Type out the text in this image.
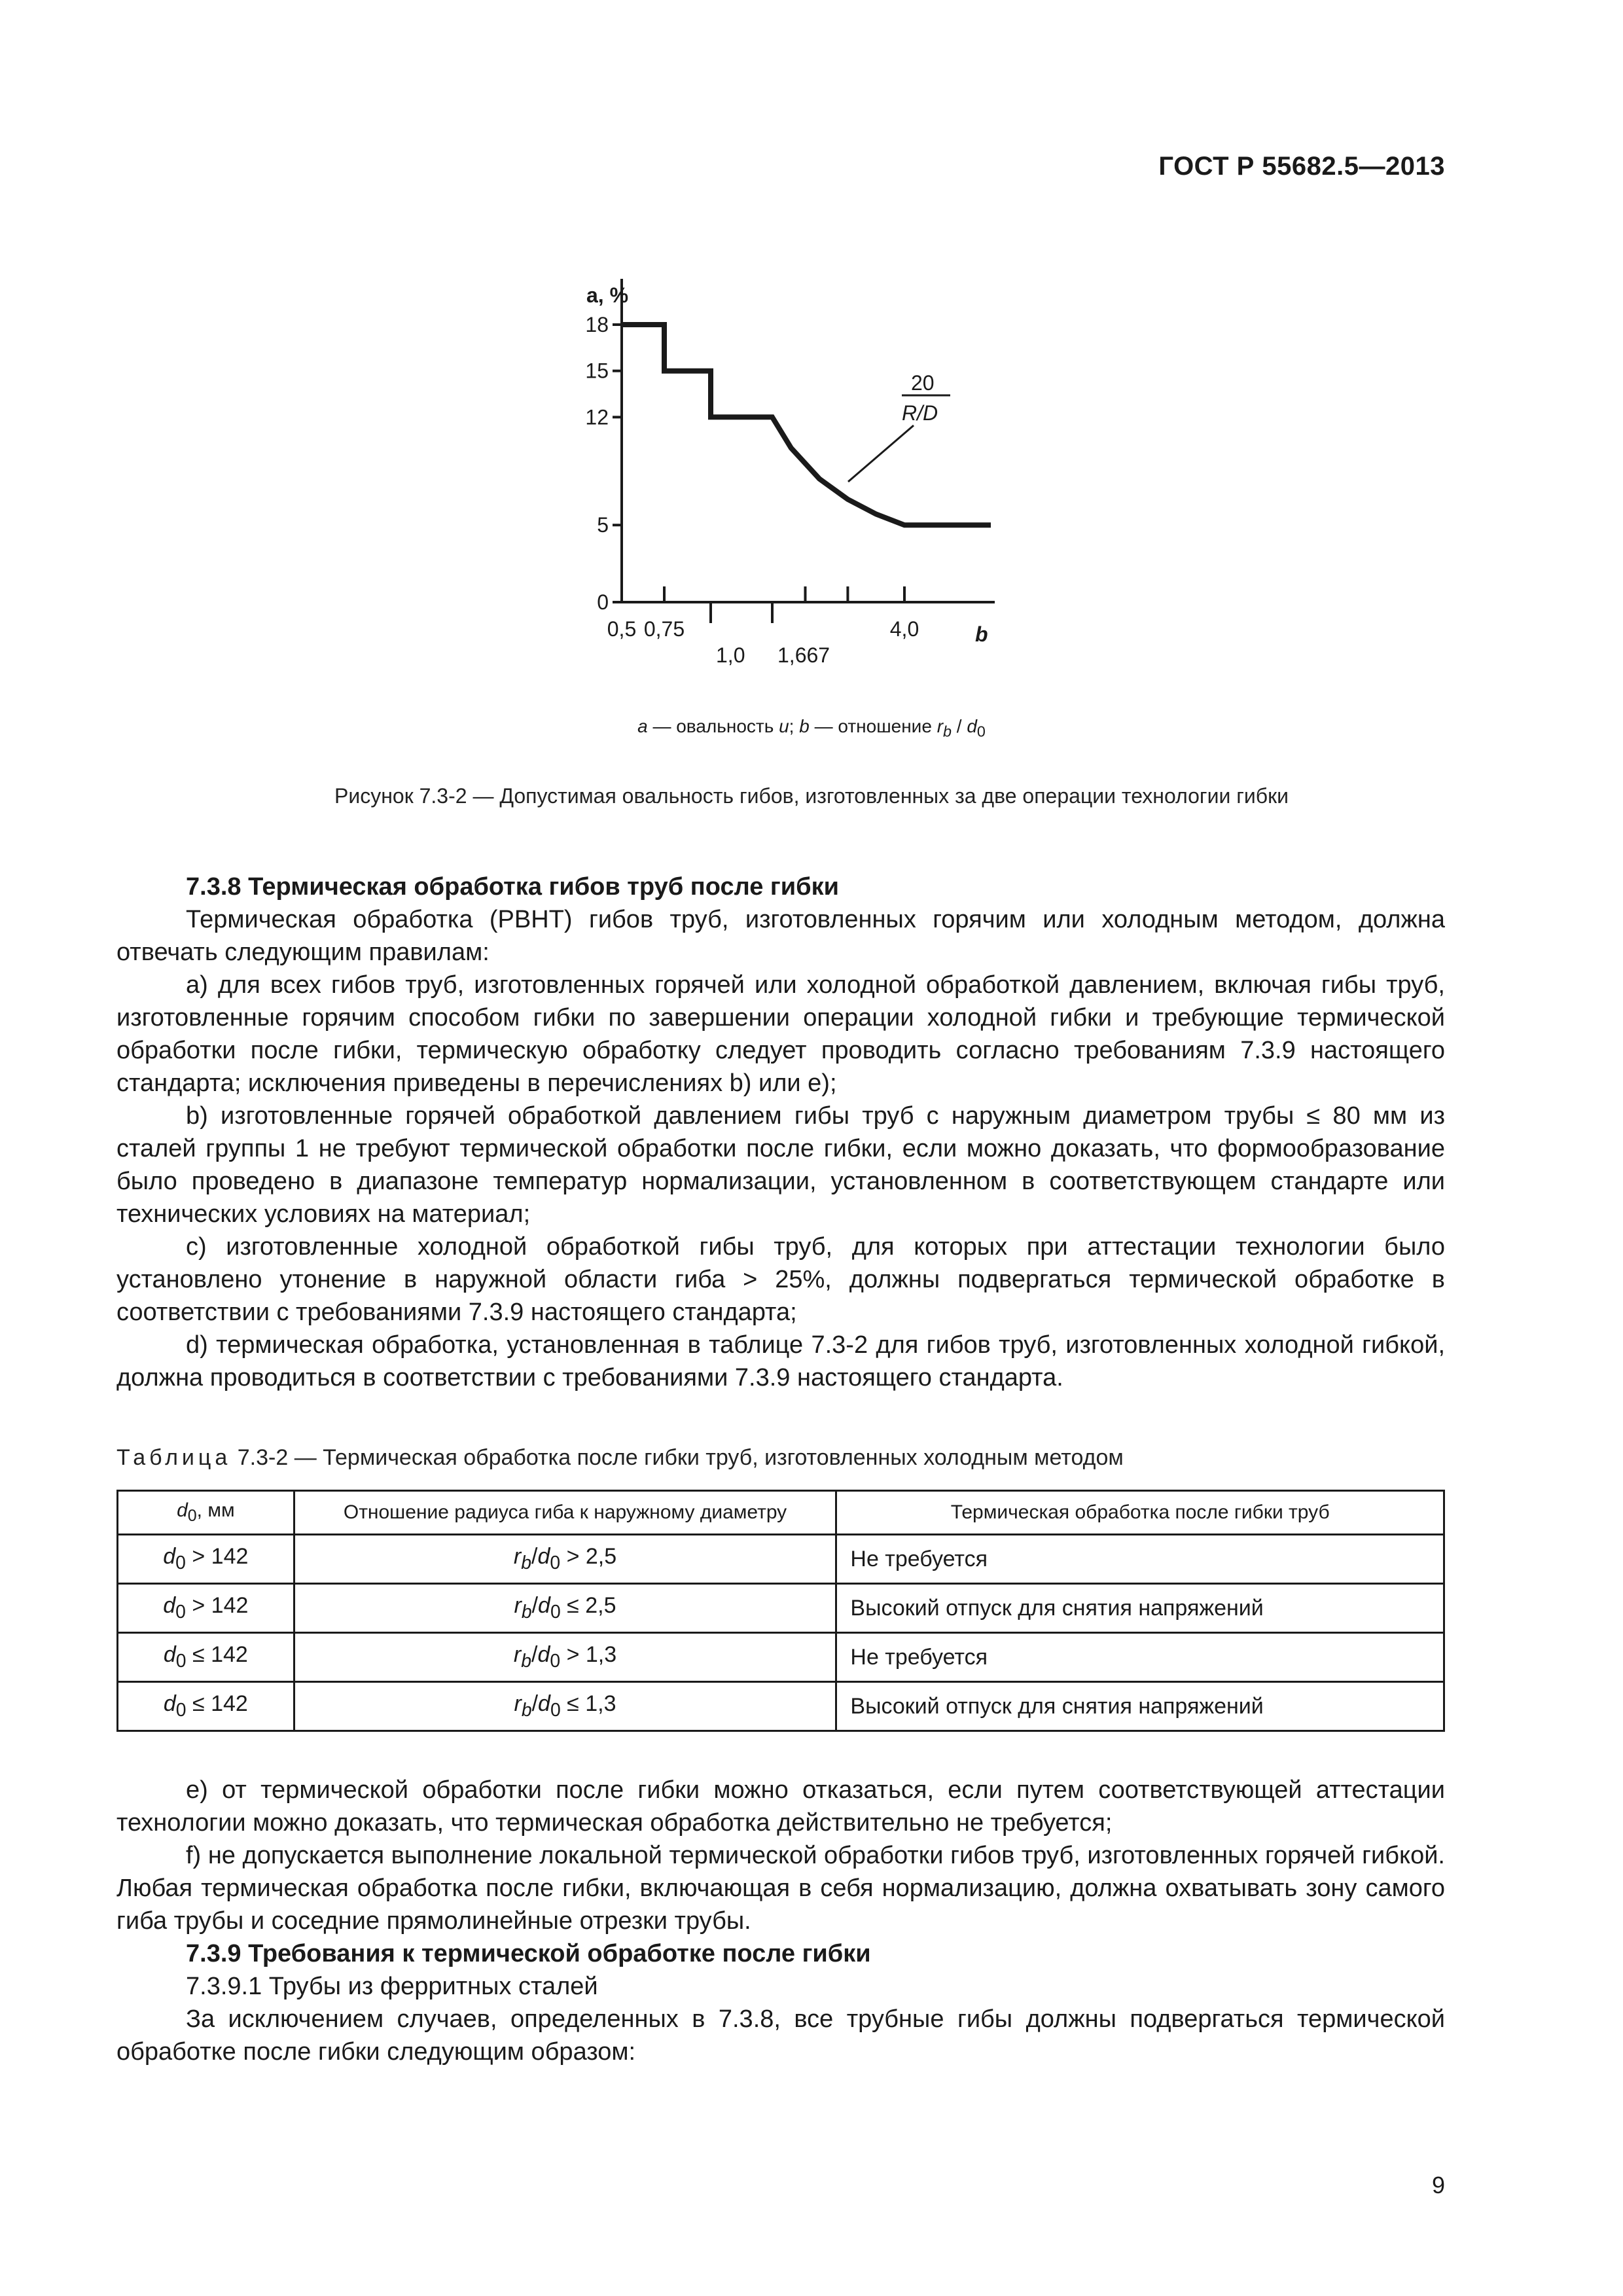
ГОСТ Р 55682.5—2013
a, %
b
0
5
12
15
18
0,5 0,75
1,0 1,667
4,0
20
R/D
a — овальность u; b — отношение $r_b / d_0$
Рисунок 7.3-2 — Допустимая овальность гибов, изготовленных за две операции технологии гибки

7.3.8 Термическая обработка гибов труб после гибки

Термическая обработка (PBHT) гибов труб, изготовленных горячим или холодным методом, должна отвечать следующим правилам:

a) для всех гибов труб, изготовленных горячей или холодной обработкой давлением, включая гибы труб, изготовленные горячим способом гибки по завершении операции холодной гибки и требующие термической обработки после гибки, термическую обработку следует проводить согласно требованиям 7.3.9 настоящего стандарта; исключения приведены в перечислениях b) или e);

b) изготовленные горячей обработкой давлением гибы труб с наружным диаметром трубы ≤ 80 мм из сталей группы 1 не требуют термической обработки после гибки, если можно доказать, что формообразование было проведено в диапазоне температур нормализации, установленном в соответствующем стандарте или технических условиях на материал;

c) изготовленные холодной обработкой гибы труб, для которых при аттестации технологии было установлено утонение в наружной области гиба > 25%, должны подвергаться термической обработке в соответствии с требованиями 7.3.9 настоящего стандарта;

d) термическая обработка, установленная в таблице 7.3-2 для гибов труб, изготовленных холодной гибкой, должна проводиться в соответствии с требованиями 7.3.9 настоящего стандарта.

Таблица 7.3-2 — Термическая обработка после гибки труб, изготовленных холодным методом
$d_0$, мм	Отношение радиуса гиба к наружному диаметру	Термическая обработка после гибки труб
$d_0 > 142$	$r_b/d_0 > 2,5$	Не требуется
$d_0 > 142$	$r_b/d_0 \le 2,5$	Высокий отпуск для снятия напряжений
$d_0 \le 142$	$r_b/d_0 > 1,3$	Не требуется
$d_0 \le 142$	$r_b/d_0 \le 1,3$	Высокий отпуск для снятия напряжений

e) от термической обработки после гибки можно отказаться, если путем соответствующей аттестации технологии можно доказать, что термическая обработка действительно не требуется;

f) не допускается выполнение локальной термической обработки гибов труб, изготовленных горячей гибкой. Любая термическая обработка после гибки, включающая в себя нормализацию, должна охватывать зону самого гиба трубы и соседние прямолинейные отрезки трубы.

7.3.9 Требования к термической обработке после гибки

7.3.9.1 Трубы из ферритных сталей

За исключением случаев, определенных в 7.3.8, все трубные гибы должны подвергаться термической обработке после гибки следующим образом:

9
